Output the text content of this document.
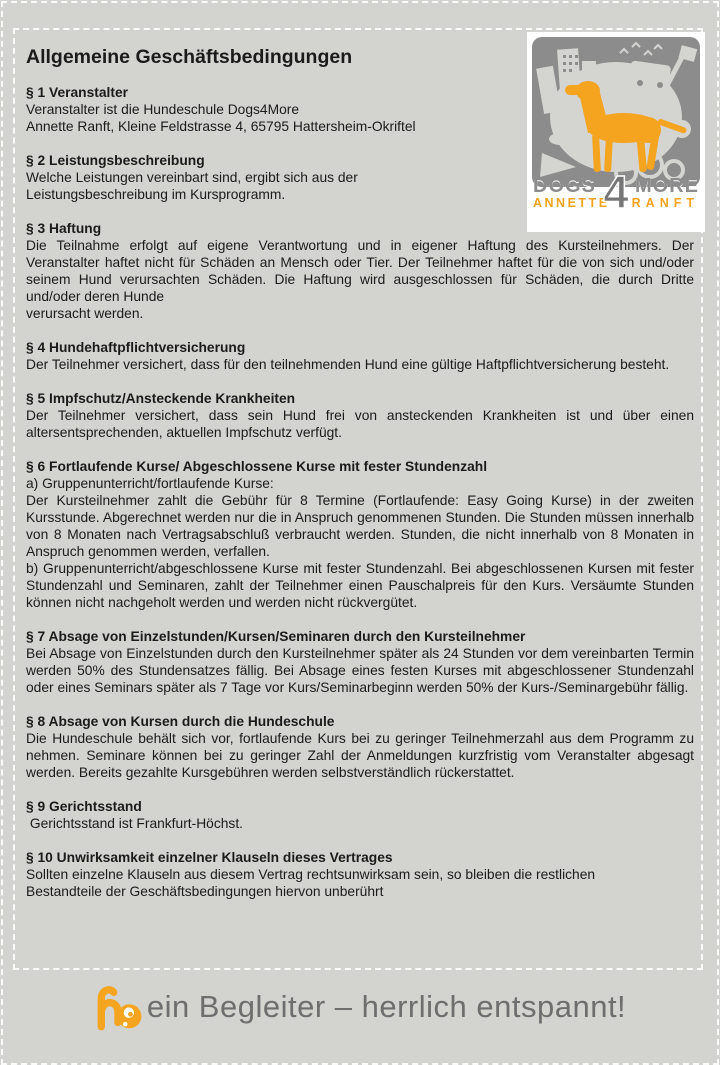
Allgemeine Geschäftsbedingungen
§ 1 Veranstalter
Veranstalter ist die Hundeschule Dogs4More
Annette Ranft, Kleine Feldstrasse 4, 65795 Hattersheim-Okriftel
§ 2 Leistungsbeschreibung
Welche Leistungen vereinbart sind, ergibt sich aus der
Leistungsbeschreibung im Kursprogramm.
§ 3 Haftung
Die Teilnahme erfolgt auf eigene Verantwortung und in eigener Haftung des Kursteilnehmers. Der Veranstalter haftet nicht für Schäden an Mensch oder Tier. Der Teilnehmer haftet für die von sich und/oder seinem Hund verursachten Schäden. Die Haftung wird ausgeschlossen für Schäden, die durch Dritte und/oder deren Hunde
verursacht werden.
§ 4 Hundehaftpflichtversicherung
Der Teilnehmer versichert, dass für den teilnehmenden Hund eine gültige Haftpflichtversicherung besteht.
§ 5 Impfschutz/Ansteckende Krankheiten
Der Teilnehmer versichert, dass sein Hund frei von ansteckenden Krankheiten ist und über einen altersentsprechenden, aktuellen Impfschutz verfügt.
§ 6 Fortlaufende Kurse/ Abgeschlossene Kurse mit fester Stundenzahl
a) Gruppenunterricht/fortlaufende Kurse:
Der Kursteilnehmer zahlt die Gebühr für 8 Termine (Fortlaufende: Easy Going Kurse) in der zweiten Kursstunde. Abgerechnet werden nur die in Anspruch genommenen Stunden. Die Stunden müssen innerhalb von 8 Monaten nach Vertragsabschluß verbraucht werden. Stunden, die nicht innerhalb von 8 Monaten in Anspruch genommen werden, verfallen.
b) Gruppenunterricht/abgeschlossene Kurse mit fester Stundenzahl. Bei abgeschlossenen Kursen mit fester Stundenzahl und Seminaren, zahlt der Teilnehmer einen Pauschalpreis für den Kurs. Versäumte Stunden können nicht nachgeholt werden und werden nicht rückvergütet.
§ 7 Absage von Einzelstunden/Kursen/Seminaren durch den Kursteilnehmer
Bei Absage von Einzelstunden durch den Kursteilnehmer später als 24 Stunden vor dem vereinbarten Termin werden 50% des Stundensatzes fällig. Bei Absage eines festen Kurses mit abgeschlossener Stundenzahl oder eines Seminars später als 7 Tage vor Kurs/Seminarbeginn werden 50% der Kurs-/Seminargebühr fällig.
§ 8 Absage von Kursen durch die Hundeschule
Die Hundeschule behält sich vor, fortlaufende Kurs bei zu geringer Teilnehmerzahl aus dem Programm zu nehmen. Seminare können bei zu geringer Zahl der Anmeldungen kurzfristig vom Veranstalter abgesagt werden. Bereits gezahlte Kursgebühren werden selbstverständlich rückerstattet.
§ 9 Gerichtsstand
Gerichtsstand ist Frankfurt-Höchst.
§ 10 Unwirksamkeit einzelner Klauseln dieses Vertrages
Sollten einzelne Klauseln aus diesem Vertrag rechtsunwirksam sein, so bleiben die restlichen
Bestandteile der Geschäftsbedingungen hiervon unberührt
DOGS MORE
ANNETTE RANFT
4
ein Begleiter – herrlich entspannt!
